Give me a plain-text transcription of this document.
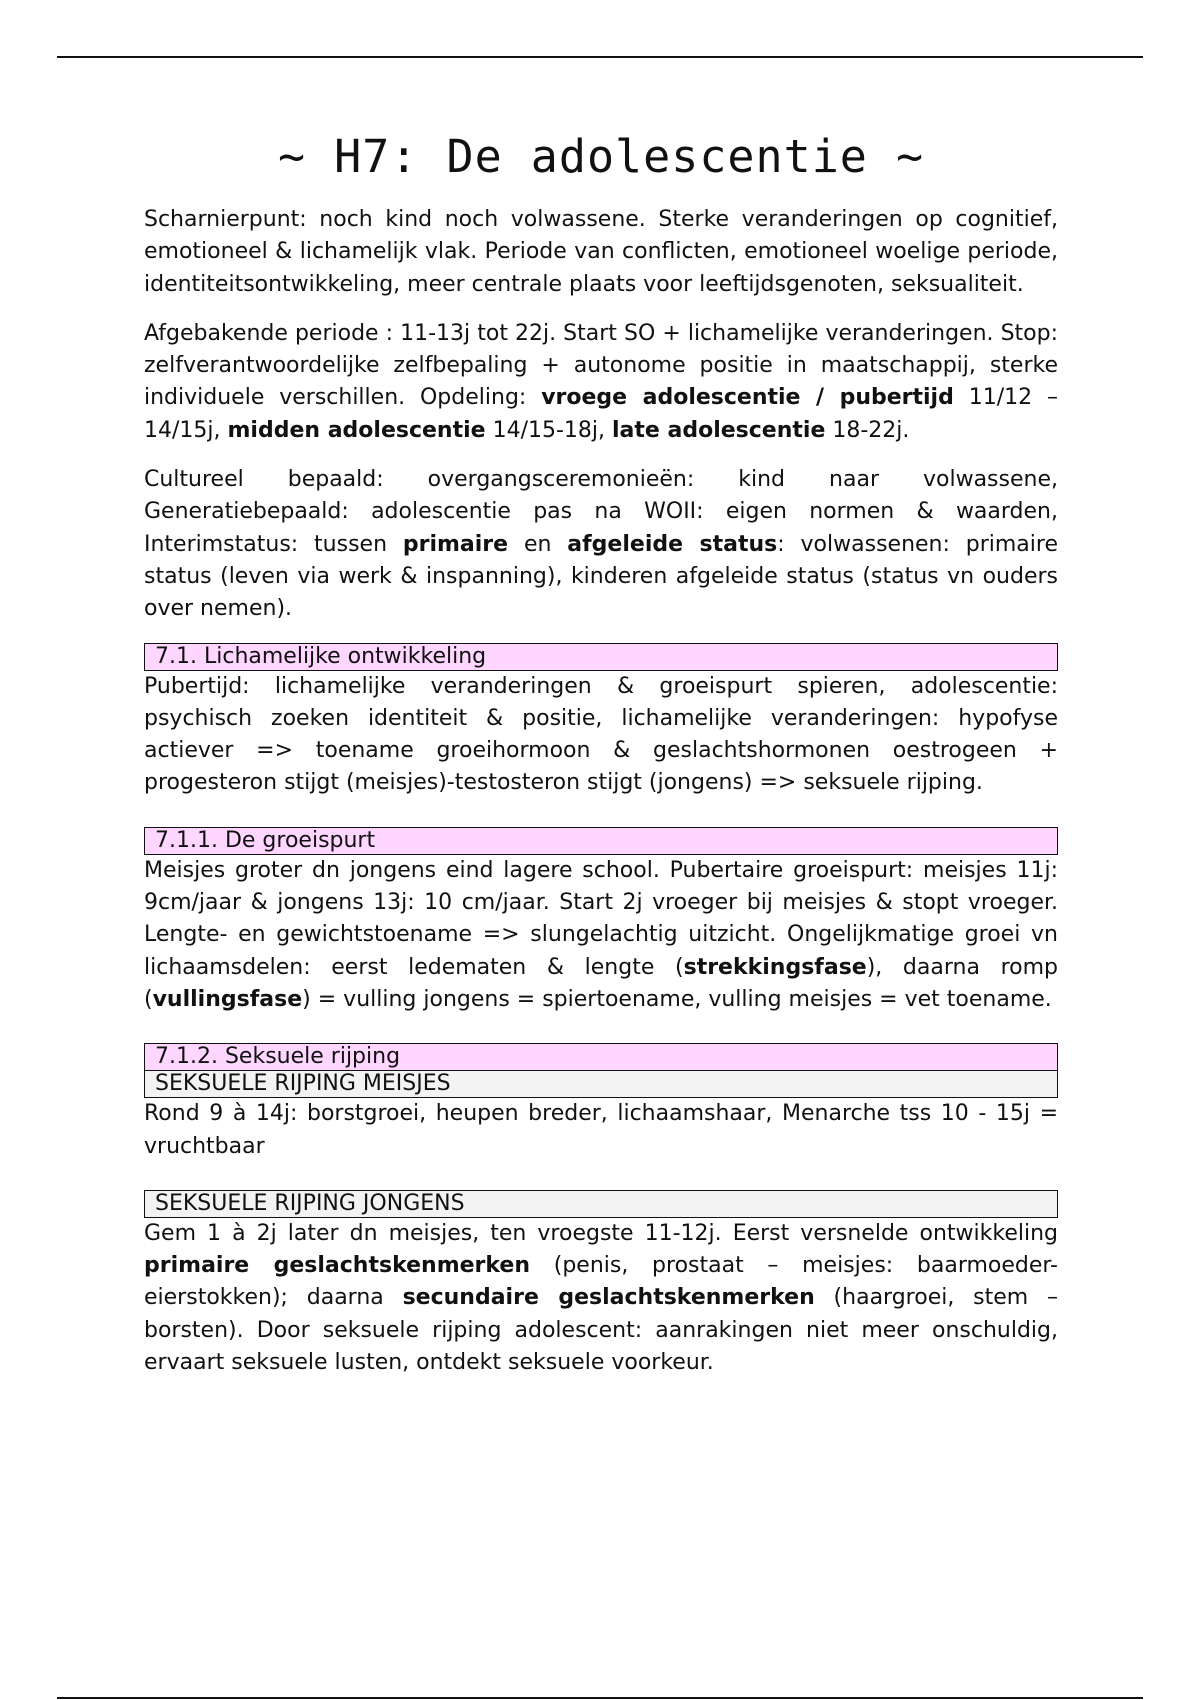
~ H7: De adolescentie ~

Scharnierpunt: noch kind noch volwassene. Sterke veranderingen op cognitief, emotioneel & lichamelijk vlak. Periode van conflicten, emotioneel woelige periode, identiteitsontwikkeling, meer centrale plaats voor leeftijdsgenoten, seksualiteit.

Afgebakende periode : 11-13j tot 22j. Start SO + lichamelijke veranderingen. Stop: zelfverantwoordelijke zelfbepaling + autonome positie in maatschappij, sterke individuele verschillen. Opdeling: vroege adolescentie / pubertijd 11/12 – 14/15j, midden adolescentie 14/15-18j, late adolescentie 18-22j.

Cultureel bepaald: overgangsceremonieën: kind naar volwassene, Generatiebepaald: adolescentie pas na WOII: eigen normen & waarden, Interimstatus: tussen primaire en afgeleide status: volwassenen: primaire status (leven via werk & inspanning), kinderen afgeleide status (status vn ouders over nemen).

7.1. Lichamelijke ontwikkeling

Pubertijd: lichamelijke veranderingen & groeispurt spieren, adolescentie: psychisch zoeken identiteit & positie, lichamelijke veranderingen: hypofyse actiever => toename groeihormoon & geslachtshormonen oestrogeen + progesteron stijgt (meisjes)-testosteron stijgt (jongens) => seksuele rijping.

7.1.1. De groeispurt

Meisjes groter dn jongens eind lagere school. Pubertaire groeispurt: meisjes 11j: 9cm/jaar & jongens 13j: 10 cm/jaar. Start 2j vroeger bij meisjes & stopt vroeger. Lengte- en gewichtstoename => slungelachtig uitzicht. Ongelijkmatige groei vn lichaamsdelen: eerst ledematen & lengte (strekkingsfase), daarna romp (vullingsfase) = vulling jongens = spiertoename, vulling meisjes = vet toename.

7.1.2. Seksuele rijping
SEKSUELE RIJPING MEISJES

Rond 9 à 14j: borstgroei, heupen breder, lichaamshaar, Menarche tss 10 - 15j = vruchtbaar

SEKSUELE RIJPING JONGENS

Gem 1 à 2j later dn meisjes, ten vroegste 11-12j. Eerst versnelde ontwikkeling primaire geslachtskenmerken (penis, prostaat – meisjes: baarmoeder-eierstokken); daarna secundaire geslachtskenmerken (haargroei, stem – borsten). Door seksuele rijping adolescent: aanrakingen niet meer onschuldig, ervaart seksuele lusten, ontdekt seksuele voorkeur.
